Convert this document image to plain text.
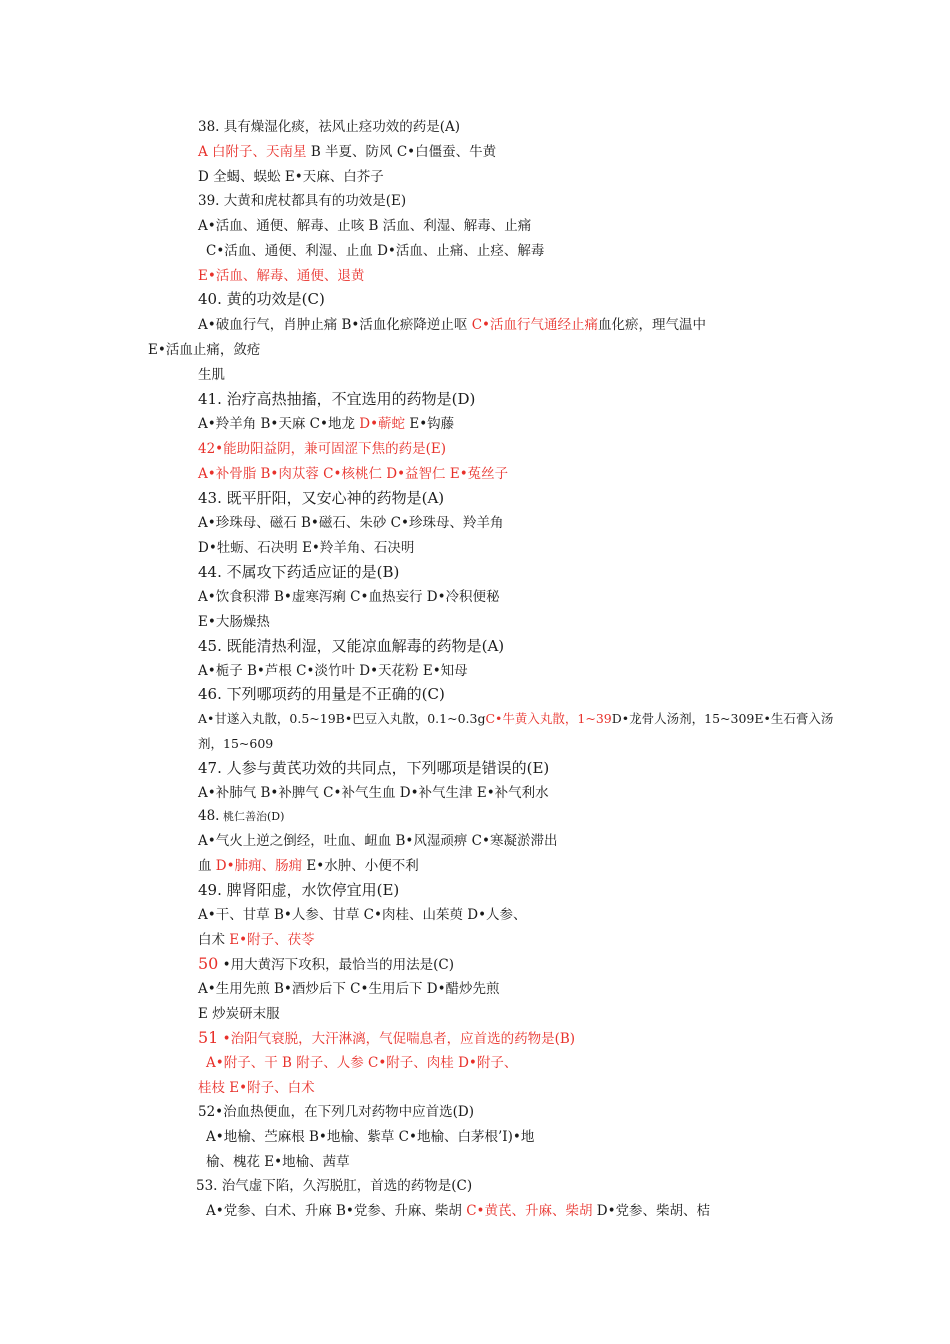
38. 具有燥湿化痰，祛风止痉功效的药是(A)
A 白附子、天南星 B 半夏、防风 C•白僵蚕、牛黄
D 全蝎、蜈蚣 E•天麻、白芥子
39. 大黄和虎杖都具有的功效是(E)
A•活血、通便、解毒、止咳 B 活血、利湿、解毒、止痛
C•活血、通便、利湿、止血 D•活血、止痛、止痉、解毒
E•活血、解毒、通便、退黄
40. 黄的功效是(C)
A•破血行气，肖肿止痛 B•活血化瘀降逆止呕 C•活血行气通经止痛血化瘀，理气温中
E•活血止痛，敛疮
生肌
41. 治疗高热抽搐，不宜选用的药物是(D)
A•羚羊角 B•天麻 C•地龙 D•蕲蛇 E•钩藤
42•能助阳益阴，兼可固涩下焦的药是(E)
A•补骨脂 B•肉苁蓉 C•核桃仁 D•益智仁 E•菟丝子
43. 既平肝阳，又安心神的药物是(A)
A•珍珠母、磁石 B•磁石、朱砂 C•珍珠母、羚羊角
D•牡蛎、石决明 E•羚羊角、石决明
44. 不属攻下药适应证的是(B)
A•饮食积滞 B•虚寒泻痢 C•血热妄行 D•冷积便秘
E•大肠燥热
45. 既能清热利湿，又能凉血解毒的药物是(A)
A•栀子 B•芦根 C•淡竹叶 D•天花粉 E•知母
46. 下列哪项药的用量是不正确的(C)
A•甘遂入丸散，0.5~19B•巴豆入丸散，0.1~0.3gC•牛黄入丸散，1~39D•龙骨人汤剂，15~309E•生石膏入汤
剂，15~609
47. 人参与黄芪功效的共同点，下列哪项是错误的(E)
A•补肺气 B•补脾气 C•补气生血 D•补气生津 E•补气利水
48. 桃仁善治(D)
A•气火上逆之倒经，吐血、衄血 B•风湿顽痹 C•寒凝淤滞出
血 D•肺痈、肠痈 E•水肿、小便不利
49. 脾肾阳虚，水饮停宜用(E)
A•干、甘草 B•人参、甘草 C•肉桂、山茱萸 D•人参、
白术 E•附子、茯苓
50 •用大黄泻下攻积，最恰当的用法是(C)
A•生用先煎 B•酒炒后下 C•生用后下 D•醋炒先煎
E 炒炭研末服
51 •治阳气衰脱，大汗淋漓，气促喘息者，应首选的药物是(B)
A•附子、干 B 附子、人参 C•附子、肉桂 D•附子、
桂枝 E•附子、白术
52•治血热便血，在下列几对药物中应首选(D)
A•地榆、苎麻根 B•地榆、紫草 C•地榆、白茅根’I)•地
榆、槐花 E•地榆、茜草
53. 治气虚下陷，久泻脱肛，首选的药物是(C)
A•党参、白术、升麻 B•党参、升麻、柴胡 C•黄芪、升麻、柴胡 D•党参、柴胡、桔
